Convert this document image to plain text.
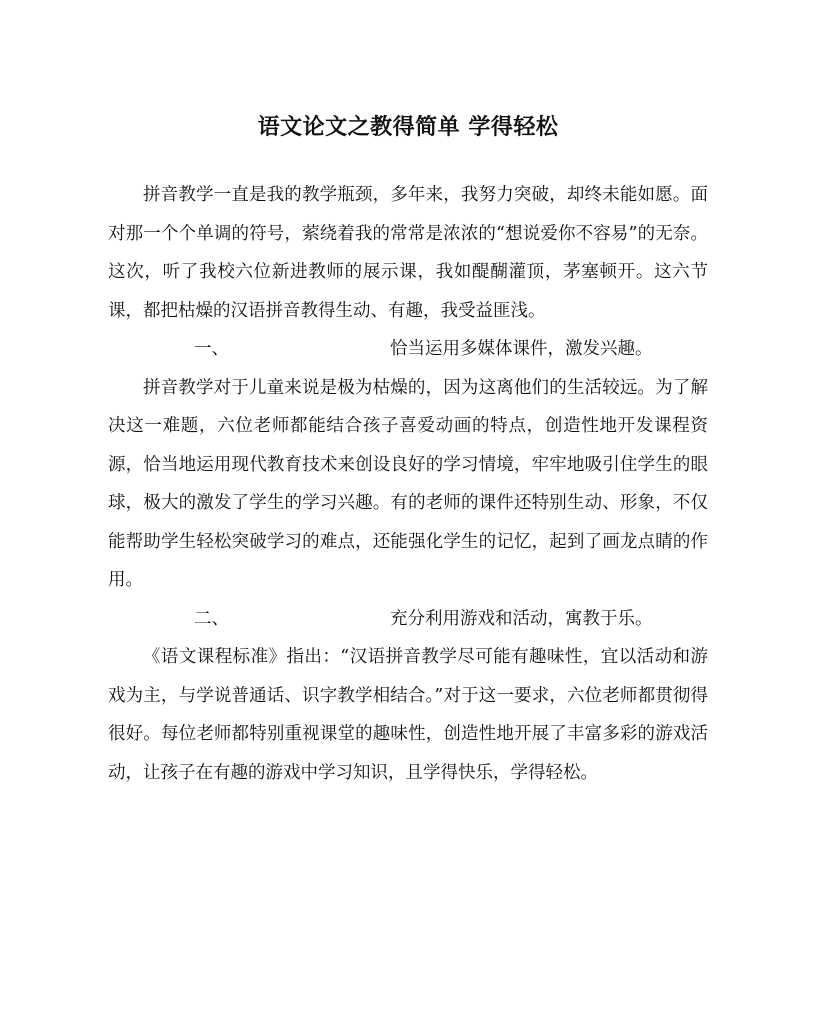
语文论文之教得简单 学得轻松

拼音教学一直是我的教学瓶颈，多年来，我努力突破，却终未能如愿。面对那一个个单调的符号，萦绕着我的常常是浓浓的“想说爱你不容易”的无奈。这次，听了我校六位新进教师的展示课，我如醍醐灌顶，茅塞顿开。这六节课，都把枯燥的汉语拼音教得生动、有趣，我受益匪浅。

一、	恰当运用多媒体课件，激发兴趣。

拼音教学对于儿童来说是极为枯燥的，因为这离他们的生活较远。为了解决这一难题，六位老师都能结合孩子喜爱动画的特点，创造性地开发课程资源，恰当地运用现代教育技术来创设良好的学习情境，牢牢地吸引住学生的眼球，极大的激发了学生的学习兴趣。有的老师的课件还特别生动、形象，不仅能帮助学生轻松突破学习的难点，还能强化学生的记忆，起到了画龙点睛的作用。

二、	充分利用游戏和活动，寓教于乐。

《语文课程标准》指出：“汉语拼音教学尽可能有趣味性，宜以活动和游戏为主，与学说普通话、识字教学相结合。”对于这一要求，六位老师都贯彻得很好。每位老师都特别重视课堂的趣味性，创造性地开展了丰富多彩的游戏活动，让孩子在有趣的游戏中学习知识，且学得快乐，学得轻松。
